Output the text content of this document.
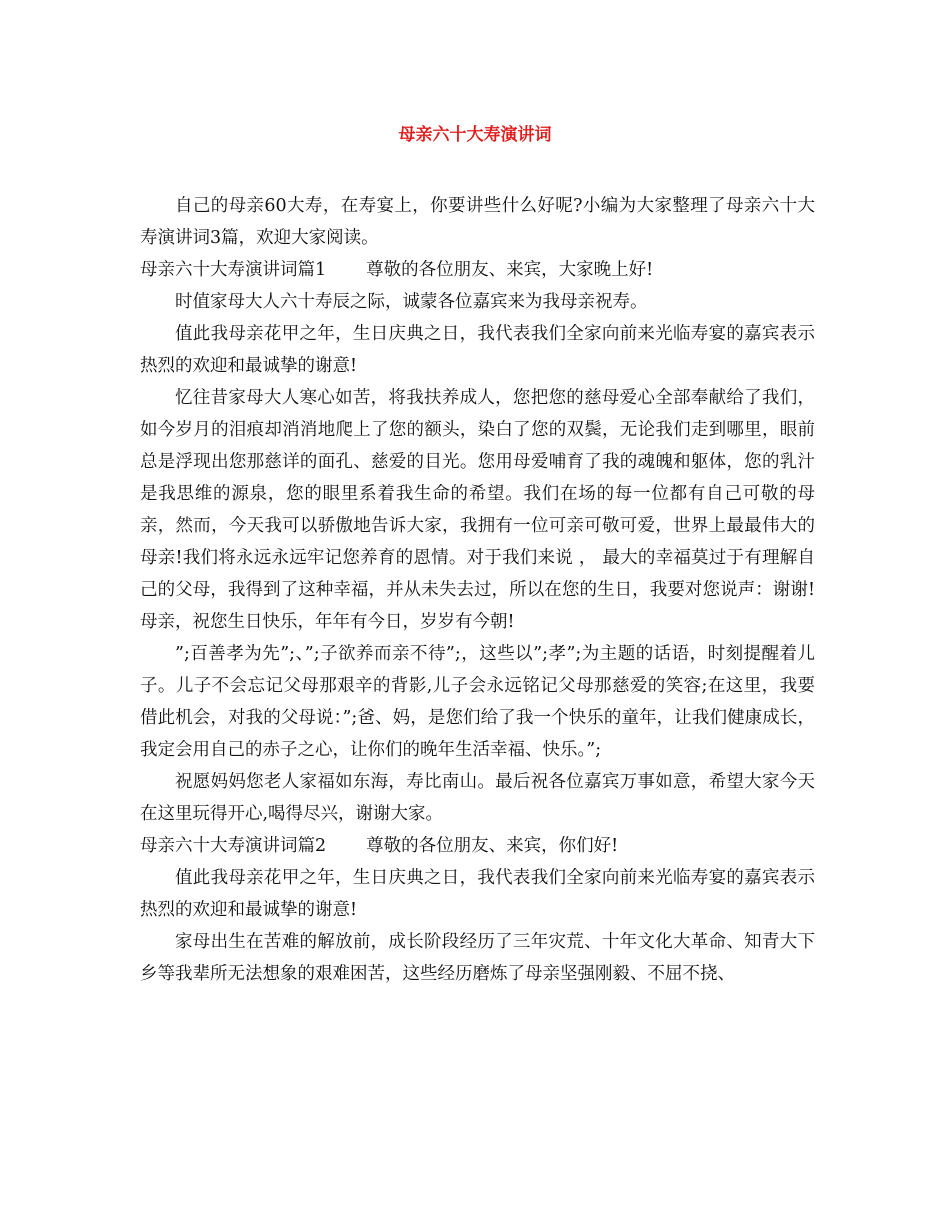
母亲六十大寿演讲词

自己的母亲60大寿，在寿宴上，你要讲些什么好呢?小编为大家整理了母亲六十大寿演讲词3篇，欢迎大家阅读。

母亲六十大寿演讲词篇1 尊敬的各位朋友、来宾，大家晚上好!

时值家母大人六十寿辰之际，诚蒙各位嘉宾来为我母亲祝寿。

值此我母亲花甲之年，生日庆典之日，我代表我们全家向前来光临寿宴的嘉宾表示热烈的欢迎和最诚挚的谢意!

忆往昔家母大人寒心如苦，将我扶养成人，您把您的慈母爱心全部奉献给了我们，如今岁月的泪痕却消消地爬上了您的额头，染白了您的双鬓，无论我们走到哪里，眼前总是浮现出您那慈详的面孔、慈爱的目光。您用母爱哺育了我的魂魄和躯体，您的乳汁是我思维的源泉，您的眼里系着我生命的希望。我们在场的每一位都有自己可敬的母亲，然而，今天我可以骄傲地告诉大家，我拥有一位可亲可敬可爱，世界上最最伟大的母亲!我们将永远永远牢记您养育的恩情。对于我们来说 ， 最大的幸福莫过于有理解自己的父母，我得到了这种幸福，并从未失去过，所以在您的生日，我要对您说声：谢谢!母亲，祝您生日快乐，年年有今日，岁岁有今朝!

”;百善孝为先”;、”;子欲养而亲不待”;，这些以”;孝”;为主题的话语，时刻提醒着儿子。儿子不会忘记父母那艰辛的背影,儿子会永远铭记父母那慈爱的笑容;在这里，我要借此机会，对我的父母说：”;爸、妈，是您们给了我一个快乐的童年，让我们健康成长，我定会用自己的赤子之心，让你们的晚年生活幸福、快乐。”;

祝愿妈妈您老人家福如东海，寿比南山。最后祝各位嘉宾万事如意，希望大家今天在这里玩得开心,喝得尽兴，谢谢大家。

母亲六十大寿演讲词篇2 尊敬的各位朋友、来宾，你们好!

值此我母亲花甲之年，生日庆典之日，我代表我们全家向前来光临寿宴的嘉宾表示热烈的欢迎和最诚挚的谢意!

家母出生在苦难的解放前，成长阶段经历了三年灾荒、十年文化大革命、知青大下乡等我辈所无法想象的艰难困苦，这些经历磨炼了母亲坚强刚毅、不屈不挠、
